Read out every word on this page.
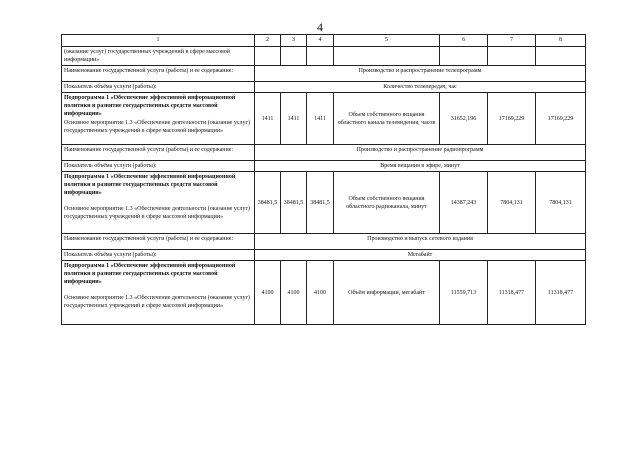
4
1	2	3	4	5	6	7	8
(оказание услуг) государственных учреждений в сфере массовой информации»							
Наименование государственной услуги (работы) и ее содержание:	Производство и распространение телепрограмм						
Показатель объёма услуги (работы):	Количество телепередач, час						

Подпрограмма 1 «Обеспечение эффективной информационной политики и развитие государственных средств массовой информации»
Основное мероприятие 1.3 «Обеспечение деятельности (оказание услуг) государственных учреждений в сфере массовой информации»	1411	1411	1411	Объем собственного вещания областного канала телевидения, часов	31652,196	17169,229	17169,229
Наименование государственной услуги (работы) и ее содержание:	Производство и распространение радиопрограмм						
Показатель объёма услуги (работы):	Время вещания в эфире, минут						

Подпрограмма 1 «Обеспечение эффективной информационной политики и развитие государственных средств массовой информации»
Основное мероприятие 1.3 «Обеспечение деятельности (оказание услуг) государственных учреждений в сфере массовой информации»	38481,5	38481,5	38481,5	Объем собственного вещания областного радиоканала, минут	14387,243	7804,131	7804,131
Наименование государственной услуги (работы) и ее содержание:	Производство и выпуск сетевого издания						
Показатель объёма услуги (работы):	Мегабайт						

Подпрограмма 1 «Обеспечение эффективной информационной политики и развитие государственных средств массовой информации»
Основное мероприятие 1.3 «Обеспечение деятельности (оказание услуг) государственных учреждений в сфере массовой информации»	4100	4100	4100	Объём информации, мегабайт	11559,713	11318,477	11318,477
